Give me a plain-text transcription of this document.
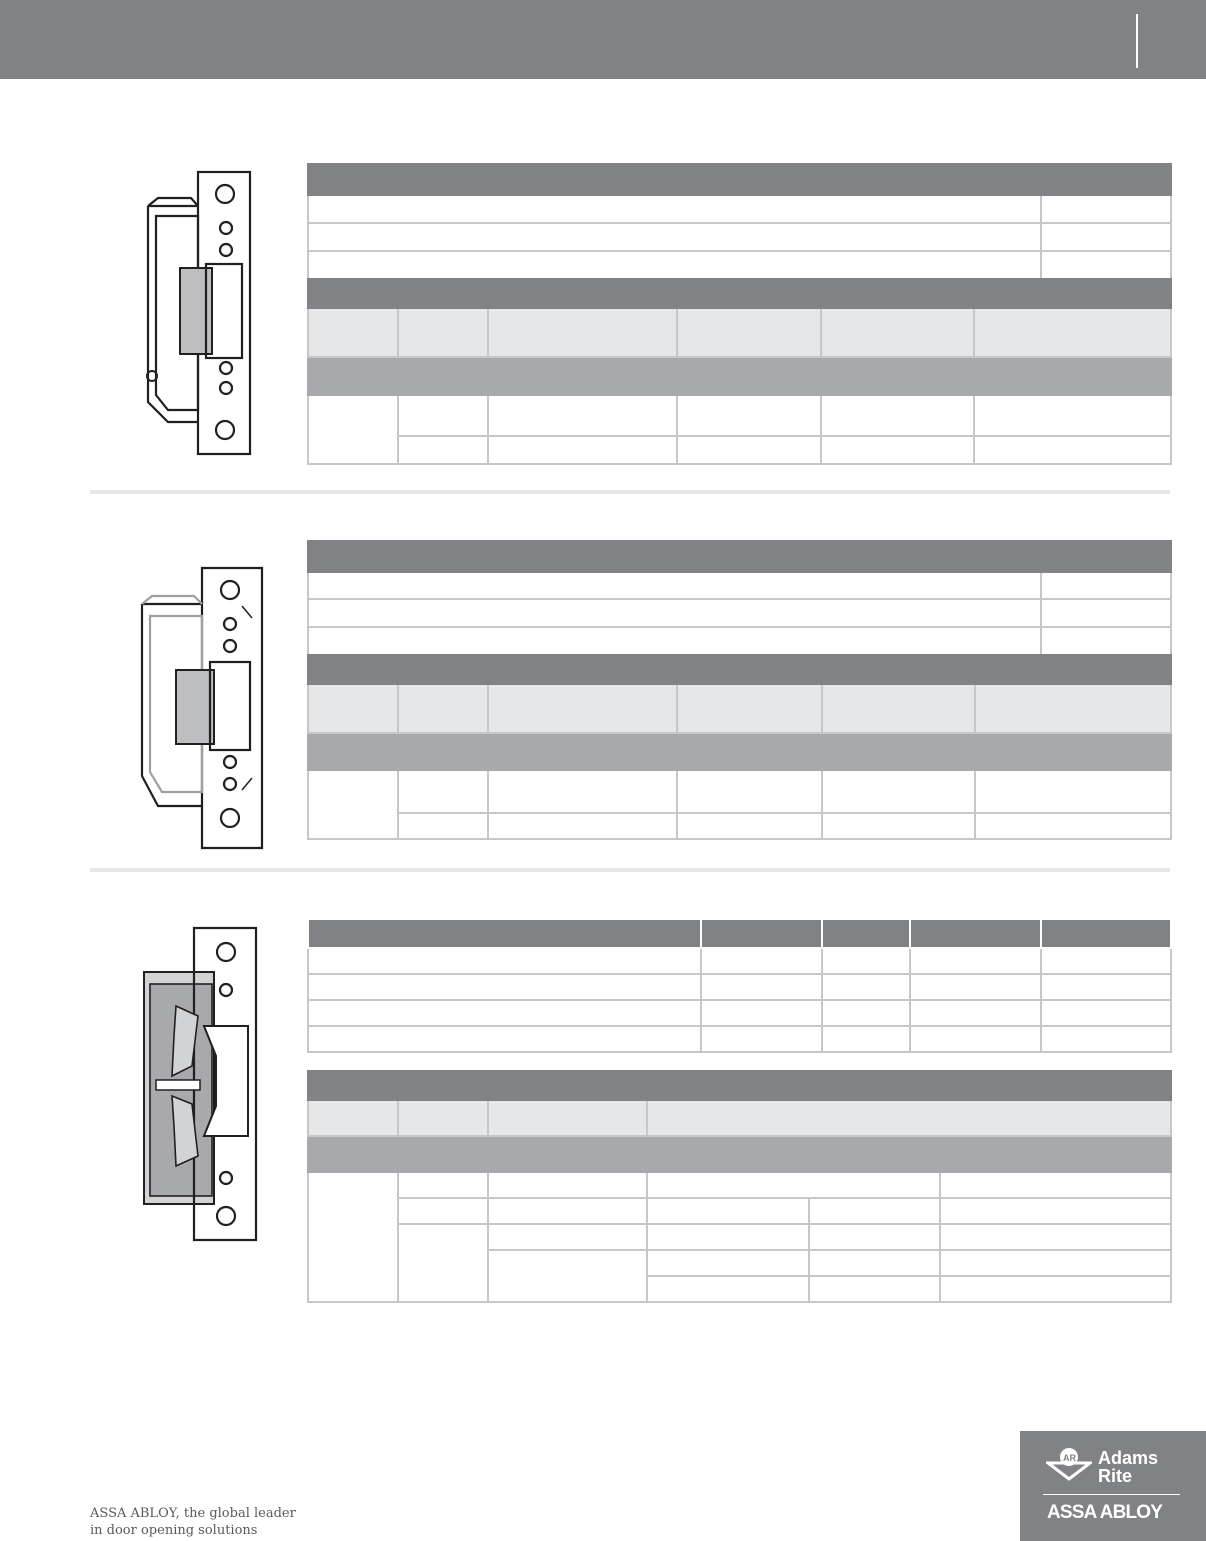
ASSA ABLOY, the global leader
in door opening solutions
AR Adams
Rite
ASSA ABLOY
